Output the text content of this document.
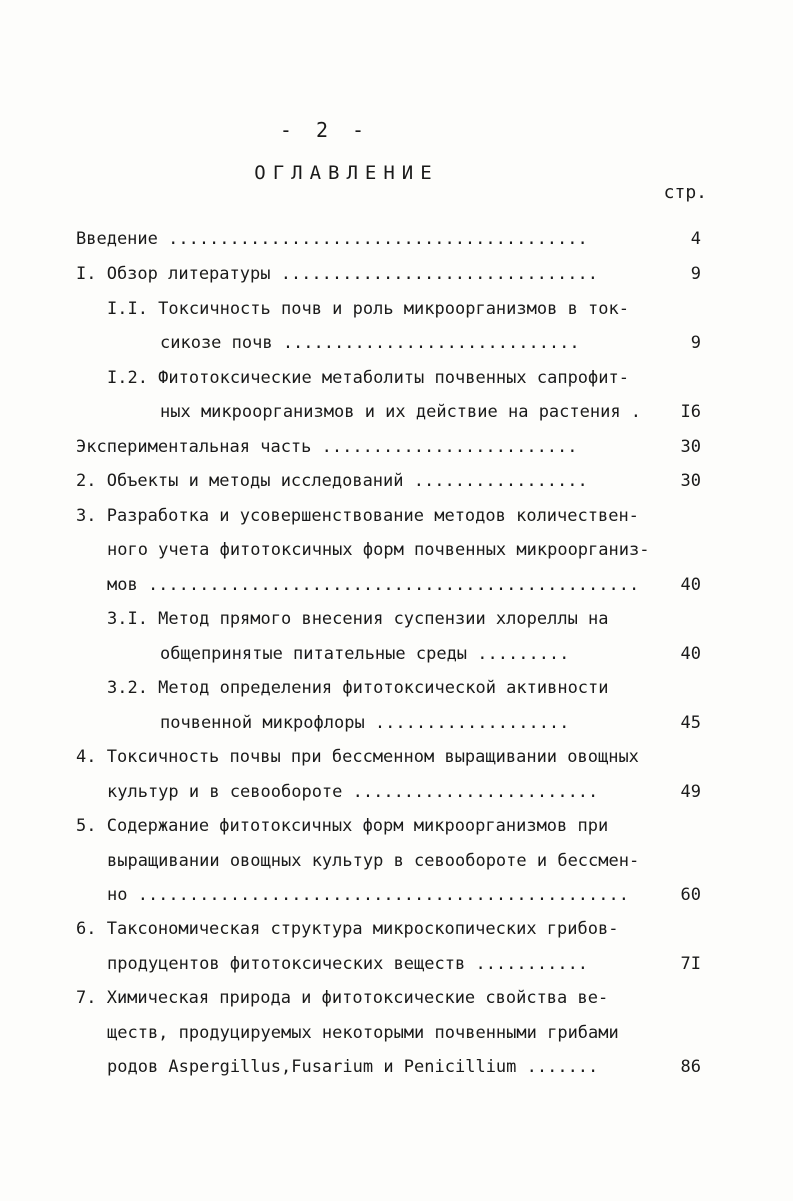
- 2 -
ОГЛАВЛЕНИЕ
стр.
Введение .........................................	4
I. Обзор литературы ...............................	9
I.I. Токсичность почв и роль микроорганизмов в ток-
сикозе почв .............................	9
I.2. Фитотоксические метаболиты почвенных сапрофит-
ных микроорганизмов и их действие на растения .	I6
Экспериментальная часть .........................	30
2. Объекты и методы исследований .................	30
3. Разработка и усовершенствование методов количествен-
ного учета фитотоксичных форм почвенных микроорганиз-
мов ................................................	40
3.I. Метод прямого внесения суспензии хлореллы на
общепринятые питательные среды .........	40
3.2. Метод определения фитотоксической активности
почвенной микрофлоры ...................	45
4. Токсичность почвы при бессменном выращивании овощных
культур и в севообороте ........................	49
5. Содержание фитотоксичных форм микроорганизмов при
выращивании овощных культур в севообороте и бессмен-
но ................................................	60
6. Таксономическая структура микроскопических грибов-
продуцентов фитотоксических веществ ...........	7I
7. Химическая природа и фитотоксические свойства ве-
ществ, продуцируемых некоторыми почвенными грибами
родов Aspergillus,Fusarium и Penicillium .......	86
